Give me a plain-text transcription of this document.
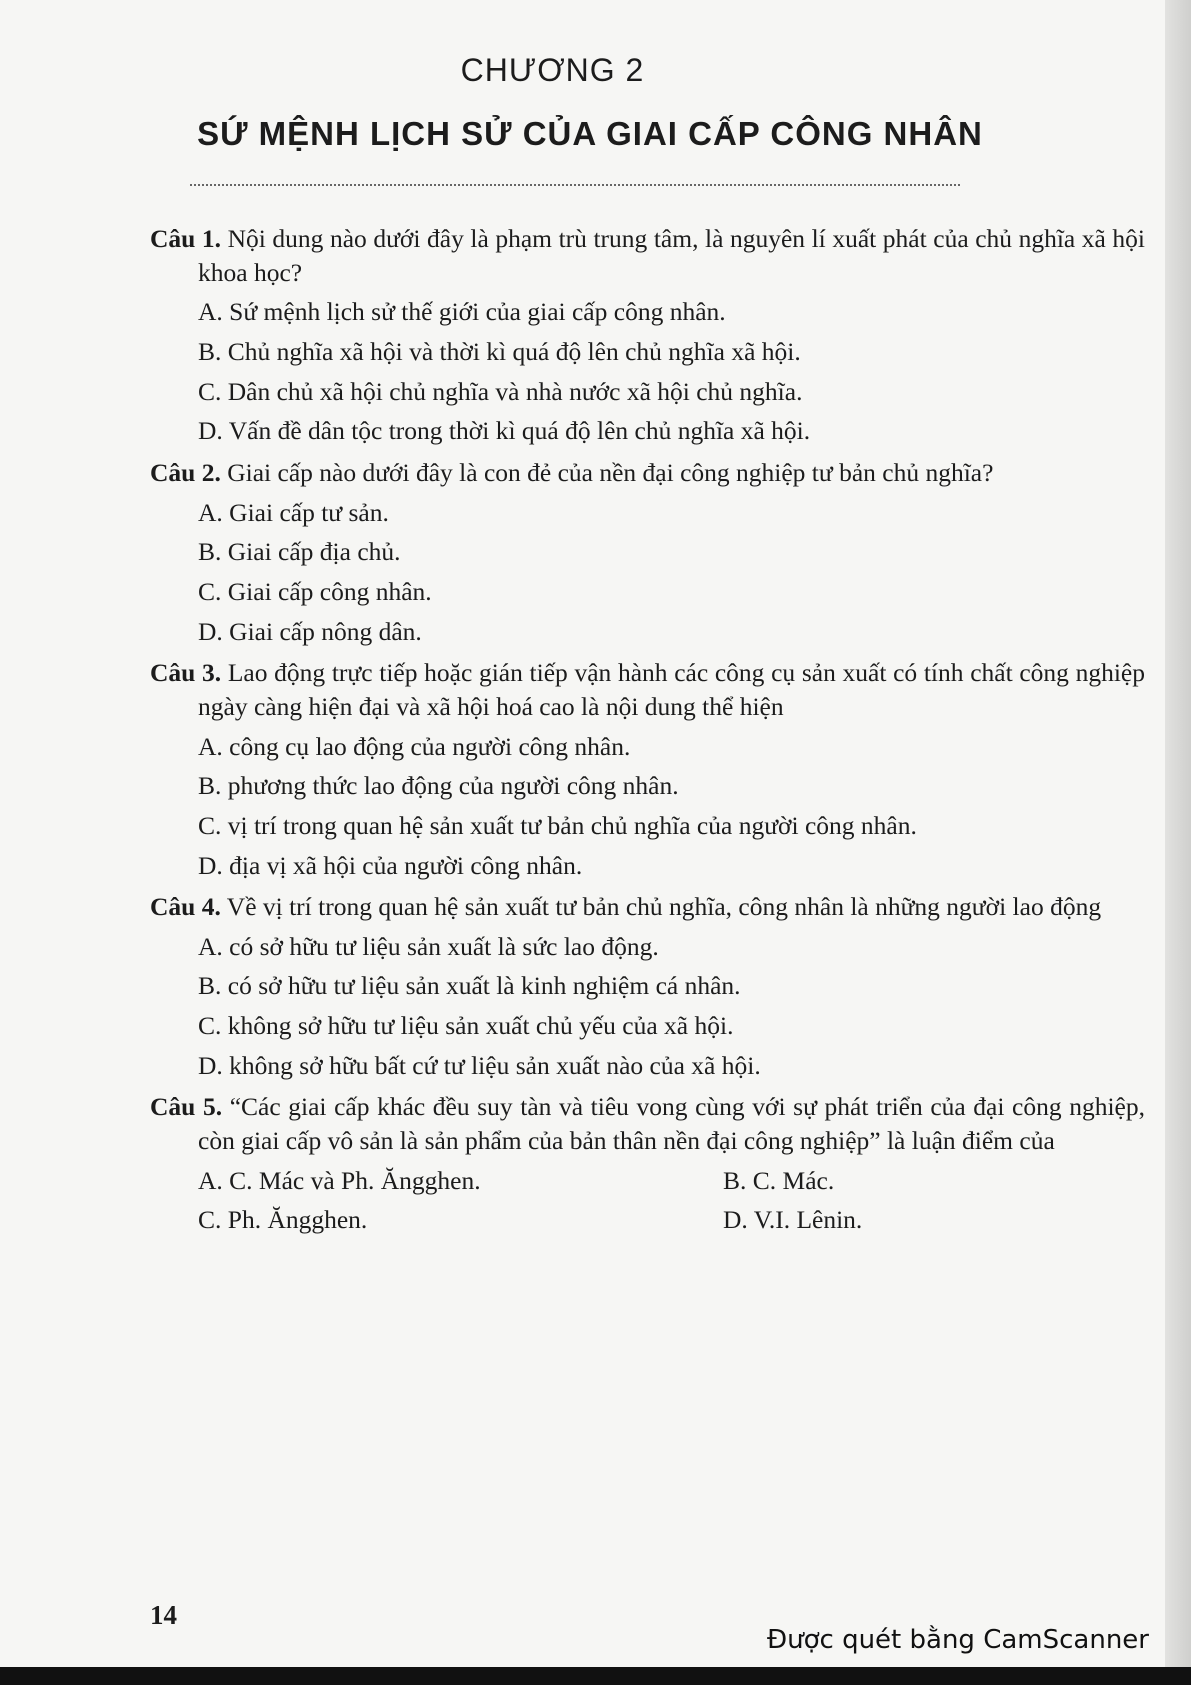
CHƯƠNG 2
SỨ MỆNH LỊCH SỬ CỦA GIAI CẤP CÔNG NHÂN
Câu 1. Nội dung nào dưới đây là phạm trù trung tâm, là nguyên lí xuất phát của chủ nghĩa xã hội khoa học?
A. Sứ mệnh lịch sử thế giới của giai cấp công nhân.
B. Chủ nghĩa xã hội và thời kì quá độ lên chủ nghĩa xã hội.
C. Dân chủ xã hội chủ nghĩa và nhà nước xã hội chủ nghĩa.
D. Vấn đề dân tộc trong thời kì quá độ lên chủ nghĩa xã hội.
Câu 2. Giai cấp nào dưới đây là con đẻ của nền đại công nghiệp tư bản chủ nghĩa?
A. Giai cấp tư sản.
B. Giai cấp địa chủ.
C. Giai cấp công nhân.
D. Giai cấp nông dân.
Câu 3. Lao động trực tiếp hoặc gián tiếp vận hành các công cụ sản xuất có tính chất công nghiệp ngày càng hiện đại và xã hội hoá cao là nội dung thể hiện
A. công cụ lao động của người công nhân.
B. phương thức lao động của người công nhân.
C. vị trí trong quan hệ sản xuất tư bản chủ nghĩa của người công nhân.
D. địa vị xã hội của người công nhân.
Câu 4. Về vị trí trong quan hệ sản xuất tư bản chủ nghĩa, công nhân là những người lao động
A. có sở hữu tư liệu sản xuất là sức lao động.
B. có sở hữu tư liệu sản xuất là kinh nghiệm cá nhân.
C. không sở hữu tư liệu sản xuất chủ yếu của xã hội.
D. không sở hữu bất cứ tư liệu sản xuất nào của xã hội.
Câu 5. “Các giai cấp khác đều suy tàn và tiêu vong cùng với sự phát triển của đại công nghiệp, còn giai cấp vô sản là sản phẩm của bản thân nền đại công nghiệp” là luận điểm của
A. C. Mác và Ph. Ăngghen.	B. C. Mác.
C. Ph. Ăngghen.	D. V.I. Lênin.
14
Được quét bằng CamScanner
